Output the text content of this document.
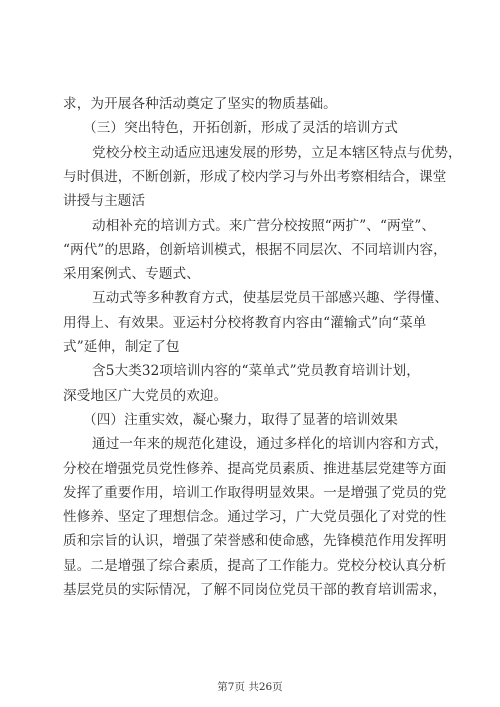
求，为开展各种活动奠定了坚实的物质基础。
（三）突出特色，开拓创新，形成了灵活的培训方式
党校分校主动适应迅速发展的形势，立足本辖区特点与优势，
与时俱进，不断创新，形成了校内学习与外出考察相结合，课堂
讲授与主题活
动相补充的培训方式。来广营分校按照“两扩”、“两堂”、
“两代”的思路，创新培训模式，根据不同层次、不同培训内容，
采用案例式、专题式、
互动式等多种教育方式，使基层党员干部感兴趣、学得懂、
用得上、有效果。亚运村分校将教育内容由“灌输式”向“菜单
式”延伸，制定了包
含5大类32项培训内容的“菜单式”党员教育培训计划，
深受地区广大党员的欢迎。
（四）注重实效，凝心聚力，取得了显著的培训效果
通过一年来的规范化建设，通过多样化的培训内容和方式，
分校在增强党员党性修养、提高党员素质、推进基层党建等方面
发挥了重要作用，培训工作取得明显效果。一是增强了党员的党
性修养、坚定了理想信念。通过学习，广大党员强化了对党的性
质和宗旨的认识，增强了荣誉感和使命感，先锋模范作用发挥明
显。二是增强了综合素质，提高了工作能力。党校分校认真分析
基层党员的实际情况，了解不同岗位党员干部的教育培训需求，
第7页 共26页
